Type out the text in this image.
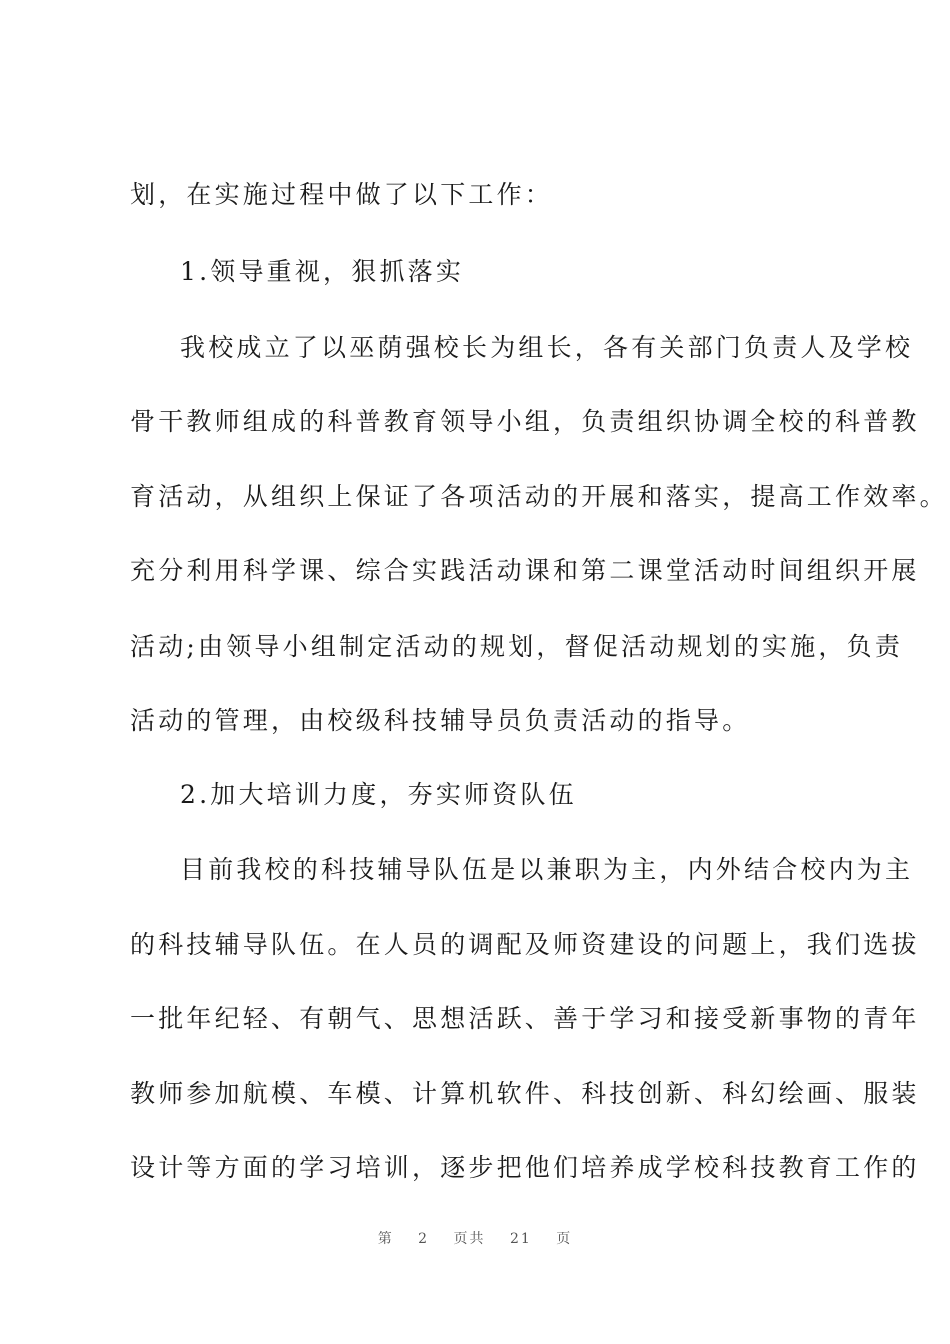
划，在实施过程中做了以下工作：
1.领导重视，狠抓落实
我校成立了以巫荫强校长为组长，各有关部门负责人及学校
骨干教师组成的科普教育领导小组，负责组织协调全校的科普教
育活动，从组织上保证了各项活动的开展和落实，提高工作效率。
充分利用科学课、综合实践活动课和第二课堂活动时间组织开展
活动;由领导小组制定活动的规划，督促活动规划的实施，负责
活动的管理，由校级科技辅导员负责活动的指导。
2.加大培训力度，夯实师资队伍
目前我校的科技辅导队伍是以兼职为主，内外结合校内为主
的科技辅导队伍。在人员的调配及师资建设的问题上，我们选拔
一批年纪轻、有朝气、思想活跃、善于学习和接受新事物的青年
教师参加航模、车模、计算机软件、科技创新、科幻绘画、服装
设计等方面的学习培训，逐步把他们培养成学校科技教育工作的
第 2 页共 21 页
